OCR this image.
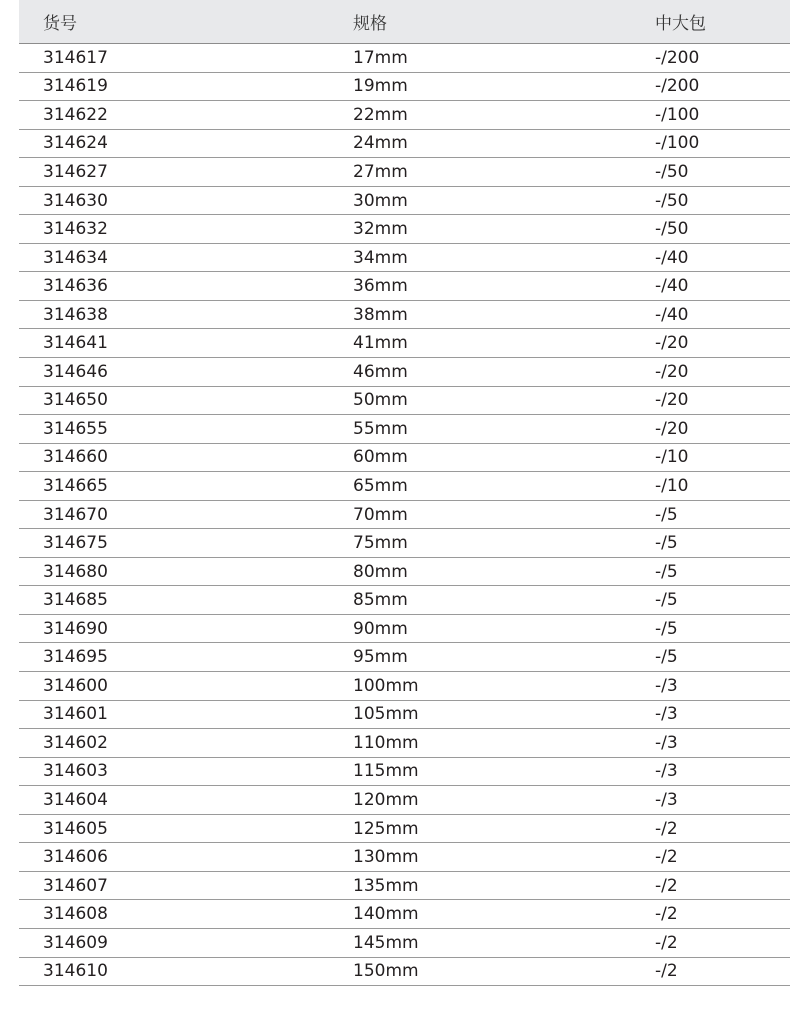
货号	规格	中大包
314617	17mm	-/200
314619	19mm	-/200
314622	22mm	-/100
314624	24mm	-/100
314627	27mm	-/50
314630	30mm	-/50
314632	32mm	-/50
314634	34mm	-/40
314636	36mm	-/40
314638	38mm	-/40
314641	41mm	-/20
314646	46mm	-/20
314650	50mm	-/20
314655	55mm	-/20
314660	60mm	-/10
314665	65mm	-/10
314670	70mm	-/5
314675	75mm	-/5
314680	80mm	-/5
314685	85mm	-/5
314690	90mm	-/5
314695	95mm	-/5
314600	100mm	-/3
314601	105mm	-/3
314602	110mm	-/3
314603	115mm	-/3
314604	120mm	-/3
314605	125mm	-/2
314606	130mm	-/2
314607	135mm	-/2
314608	140mm	-/2
314609	145mm	-/2
314610	150mm	-/2
